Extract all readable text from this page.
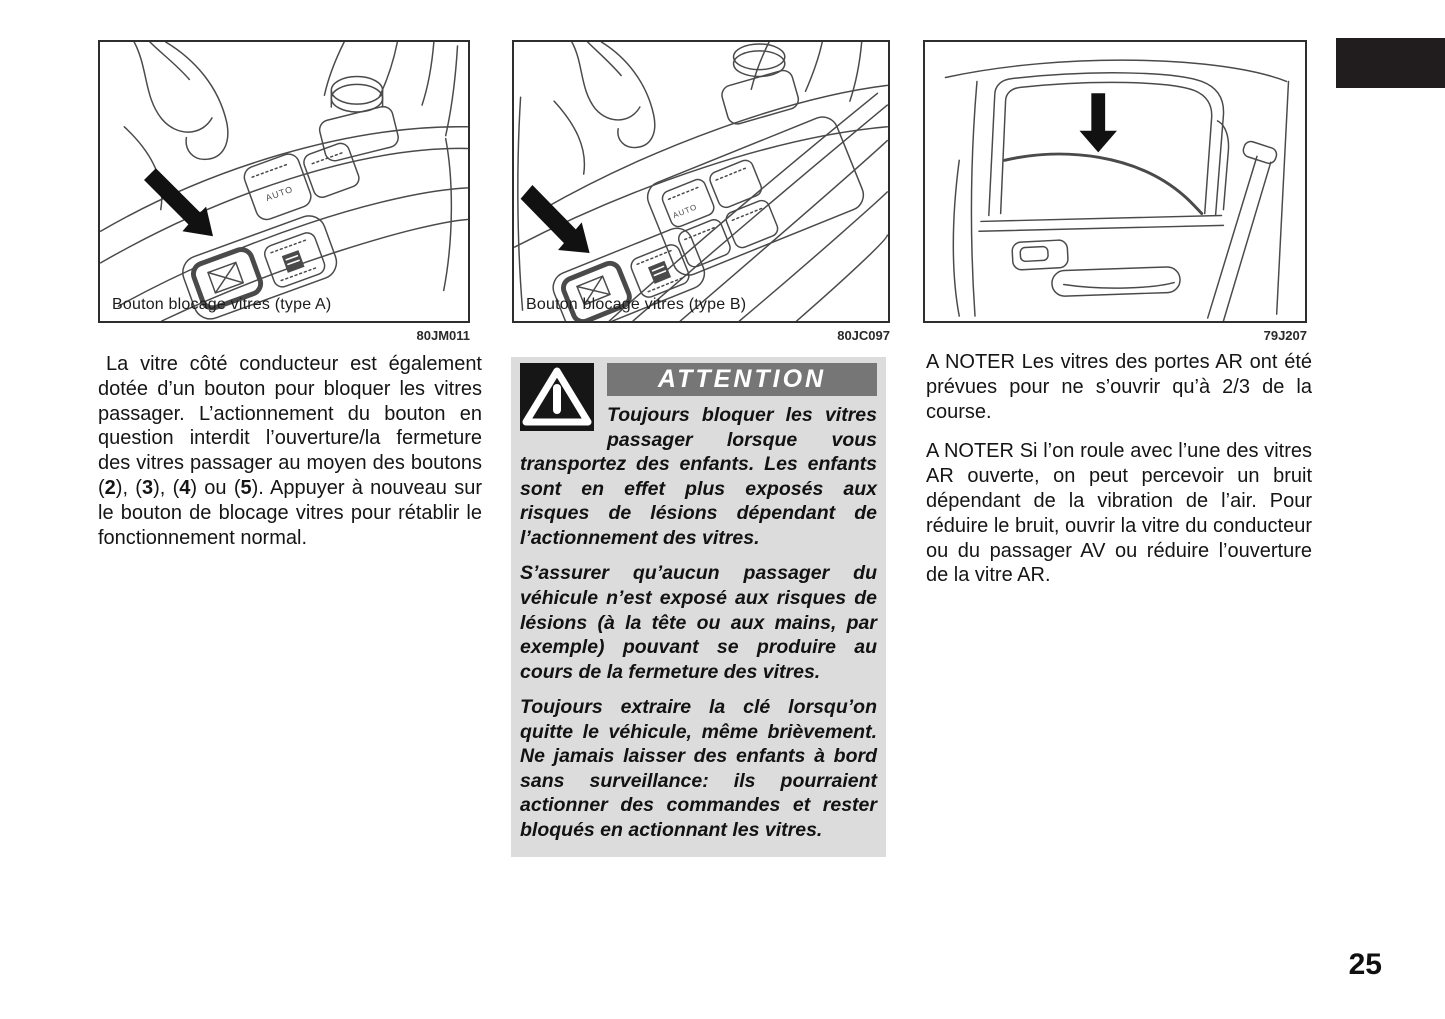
AUTO
Bouton blocage vitres (type A)
80JM011
AUTO
Bouton blocage vitres (type B)
80JC097	79J207

La vitre côté conducteur est également dotée d’un bouton pour bloquer les vitres passager. L’actionnement du bouton en question interdit l’ouverture/la fermeture des vitres passager au moyen des boutons (2), (3), (4) ou (5). Appuyer à nouveau sur le bouton de blocage vitres pour rétablir le fonctionnement normal.

ATTENTION

Toujours bloquer les vitres passager lorsque vous transportez des enfants. Les enfants sont en effet plus exposés aux risques de lésions dépendant de l’actionnement des vitres.

S’assurer qu’aucun passager du véhicule n’est exposé aux risques de lésions (à la tête ou aux mains, par exemple) pouvant se produire au cours de la fermeture des vitres.

Toujours extraire la clé lorsqu’on quitte le véhicule, même brièvement. Ne jamais laisser des enfants à bord sans surveillance: ils pourraient actionner des commandes et rester bloqués en actionnant les vitres.

A NOTER Les vitres des portes AR ont été prévues pour ne s’ouvrir qu’à 2/3 de la course.

A NOTER Si l’on roule avec l’une des vitres AR ouverte, on peut percevoir un bruit dépendant de la vibration de l’air. Pour réduire le bruit, ouvrir la vitre du conducteur ou du passager AV ou réduire l’ouverture de la vitre AR.

25
